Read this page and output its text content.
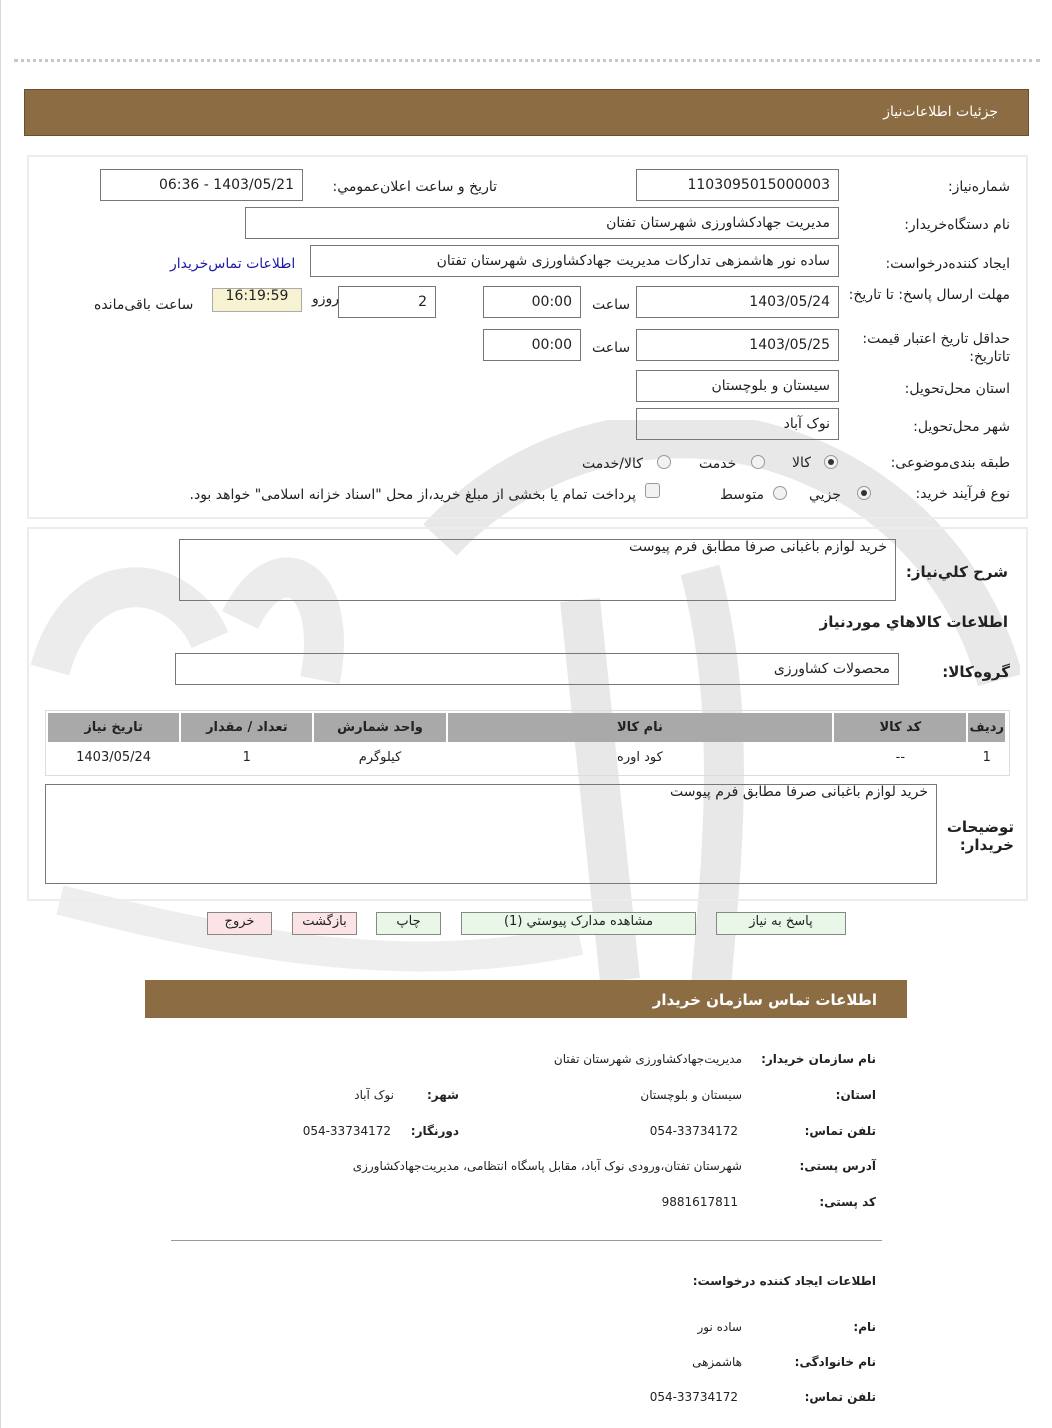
جزئیات اطلاعات‌نیاز
شماره‌نیاز:
1103095015000003
تاریخ و ساعت اعلان‌عمومي:
1403/05/21 - 06:36
نام دستگاه‌خریدار:
مدیریت جهادکشاورزی شهرستان تفتان
ایجاد کننده‌درخواست:
ساده نور هاشمزهی تدارکات مدیریت جهادکشاورزی شهرستان تفتان
اطلاعات تماس‌خریدار
مهلت ارسال پاسخ: تا تاریخ:
1403/05/24
ساعت
00:00
2
روزو
16:19:59
ساعت باقی‌مانده
حداقل تاریخ اعتبار قیمت: تاتاریخ:
1403/05/25
ساعت
00:00
استان محل‌تحویل:
سیستان و بلوچستان
شهر محل‌تحویل:
نوک آباد
طبقه بندی‌موضوعی:
کالا
خدمت
کالا/خدمت
نوع فرآیند خرید:
جزیي
متوسط
پرداخت تمام یا بخشی از مبلغ خرید،از محل "اسناد خزانه اسلامی" خواهد بود.
شرح کلي‌نیاز:
خرید لوازم باغبانی صرفا مطابق فرم پیوست
اطلاعات کالاهاي موردنیاز
گروه‌کالا:
محصولات کشاورزی
ردیف	کد کالا	نام کالا	واحد شمارش	تعداد / مقدار	تاریخ نیاز
1	--	کود اوره	کیلوگرم	1	1403/05/24
خرید لوازم باغبانی صرفا مطابق فرم پیوست
توضیحات خریدار:
پاسخ به نیاز
مشاهده مدارک پیوستي (1)
چاپ
بازگشت
خروج
اطلاعات تماس سازمان خریدار
نام سازمان خریدار:
مدیریت‌جهادکشاورزی شهرستان تفتان
استان:
سیستان و بلوچستان
شهر:
نوک آباد
تلفن تماس:
054-33734172
دورنگار:
054-33734172
آدرس پستی:
شهرستان تفتان،ورودی نوک آباد، مقابل پاسگاه انتظامی، مدیریت‌جهادکشاورزی
کد پستی:
9881617811
اطلاعات ایجاد کننده درخواست:
نام:
ساده نور
نام خانوادگی:
هاشمزهی
تلفن تماس:
054-33734172
